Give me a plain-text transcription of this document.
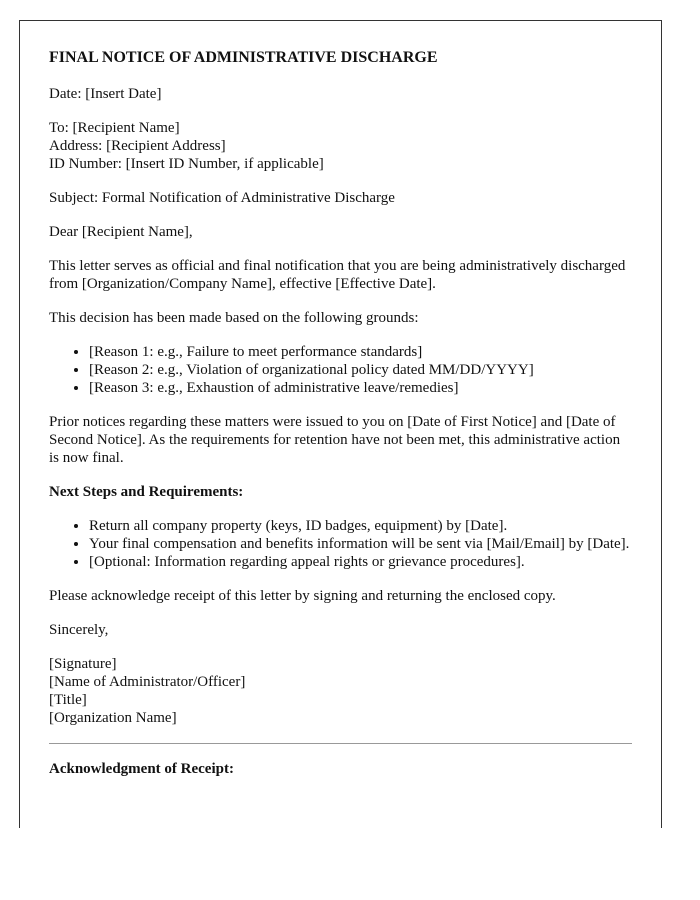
FINAL NOTICE OF ADMINISTRATIVE DISCHARGE

Date: [Insert Date]

To: [Recipient Name]
Address: [Recipient Address]
ID Number: [Insert ID Number, if applicable]

Subject: Formal Notification of Administrative Discharge

Dear [Recipient Name],

This letter serves as official and final notification that you are being administratively discharged from [Organization/Company Name], effective [Effective Date].

This decision has been made based on the following grounds:

• [Reason 1: e.g., Failure to meet performance standards]
• [Reason 2: e.g., Violation of organizational policy dated MM/DD/YYYY]
• [Reason 3: e.g., Exhaustion of administrative leave/remedies]

Prior notices regarding these matters were issued to you on [Date of First Notice] and [Date of Second Notice]. As the requirements for retention have not been met, this administrative action is now final.

Next Steps and Requirements:
• Return all company property (keys, ID badges, equipment) by [Date].
• Your final compensation and benefits information will be sent via [Mail/Email] by [Date].
• [Optional: Information regarding appeal rights or grievance procedures].

Please acknowledge receipt of this letter by signing and returning the enclosed copy.

Sincerely,

[Signature]
[Name of Administrator/Officer]
[Title]
[Organization Name]

Acknowledgment of Receipt:
